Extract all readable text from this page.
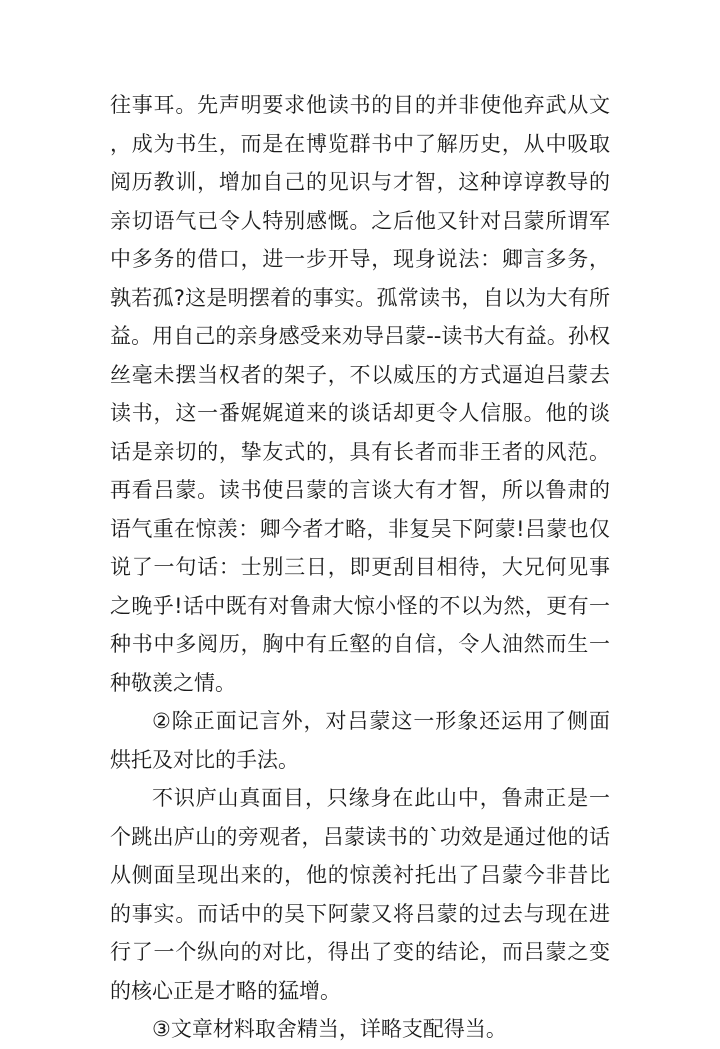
往事耳。先声明要求他读书的目的并非使他弃武从文，成为书生，而是在博览群书中了解历史，从中吸取阅历教训，增加自己的见识与才智，这种谆谆教导的亲切语气已令人特别感慨。之后他又针对吕蒙所谓军中多务的借口，进一步开导，现身说法：卿言多务，孰若孤?这是明摆着的事实。孤常读书，自以为大有所益。用自己的亲身感受来劝导吕蒙--读书大有益。孙权丝毫未摆当权者的架子，不以威压的方式逼迫吕蒙去读书，这一番娓娓道来的谈话却更令人信服。他的谈话是亲切的，挚友式的，具有长者而非王者的风范。再看吕蒙。读书使吕蒙的言谈大有才智，所以鲁肃的语气重在惊羡：卿今者才略，非复吴下阿蒙!吕蒙也仅说了一句话：士别三日，即更刮目相待，大兄何见事之晚乎!话中既有对鲁肃大惊小怪的不以为然，更有一种书中多阅历，胸中有丘壑的自信，令人油然而生一种敬羡之情。

②除正面记言外，对吕蒙这一形象还运用了侧面烘托及对比的手法。

不识庐山真面目，只缘身在此山中，鲁肃正是一个跳出庐山的旁观者，吕蒙读书的`功效是通过他的话从侧面呈现出来的，他的惊羡衬托出了吕蒙今非昔比的事实。而话中的吴下阿蒙又将吕蒙的过去与现在进行了一个纵向的对比，得出了变的结论，而吕蒙之变的核心正是才略的猛增。

③文章材料取舍精当，详略支配得当。
